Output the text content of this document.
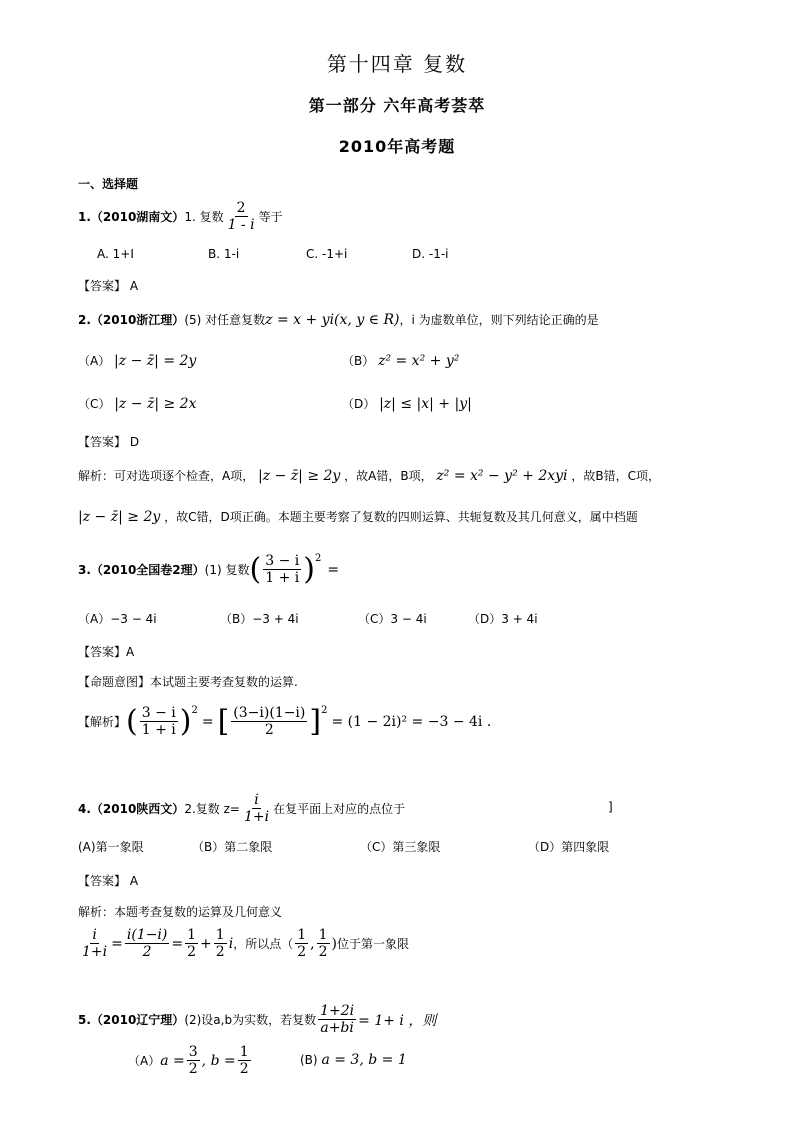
第十四章 复数
第一部分 六年高考荟萃
2010年高考题
一、选择题
1.（2010湖南文） 1. 复数 $\frac{2}{1 - i}$ 等于
A. 1+I	B. 1-i	C. -1+i	D. -1-i
【答案】 A
2.（2010浙江理） (5) 对任意复数 z = x + yi(x, y ∈ R) ，i 为虚数单位，则下列结论正确的是
（A） |z − z̄| = 2y	（B） z² = x² + y²
（C） |z − z̄| ≥ 2x	（D） |z| ≤ |x| + |y|
【答案】 D
解析：可对选项逐个检查，A项， |z − z̄| ≥ 2y ，故A错，B项， z² = x² − y² + 2xyi ，故B错，C项，
|z − z̄| ≥ 2y ，故C错，D项正确。本题主要考察了复数的四则运算、共轭复数及其几何意义，属中档题
3.（2010全国卷2理） (1) 复数 ( $\frac{3 - i}{1 + i}$ ) 2
=
（A）−3 − 4i	（B）−3 + 4i	（C）3 − 4i	（D）3 + 4i
【答案】A
【命题意图】本试题主要考查复数的运算.
【解析】 ( $\frac{3 - i}{1 + i}$ ) 2
= [ $\frac{(3-i)(1-i)}{2}$ ] 2
= (1 − 2i)² = −3 − 4i .
4.（2010陕西文） 2.复数 $z= \frac{i}{1+i}$ 在复平面上对应的点位于	]
(A)第一象限	（B）第二象限	（C）第三象限	（D）第四象限
【答案】 A
解析：本题考查复数的运算及几何意义
$\frac{i}{1+i} = \frac{i(1-i)}{2} = \frac{1}{2} + \frac{1}{2}$ i ，所以点（ $\frac{1}{2}$ , $\frac{1}{2}$ ) 位于第一象限
5.（2010辽宁理） (2)设a,b为实数，若复数 $\frac{1+2i}{a+bi} = 1+ i$ ，则
（A） $a = \frac{3}{2}$ , $b = \frac{1}{2}$	(B) a = 3, b = 1
